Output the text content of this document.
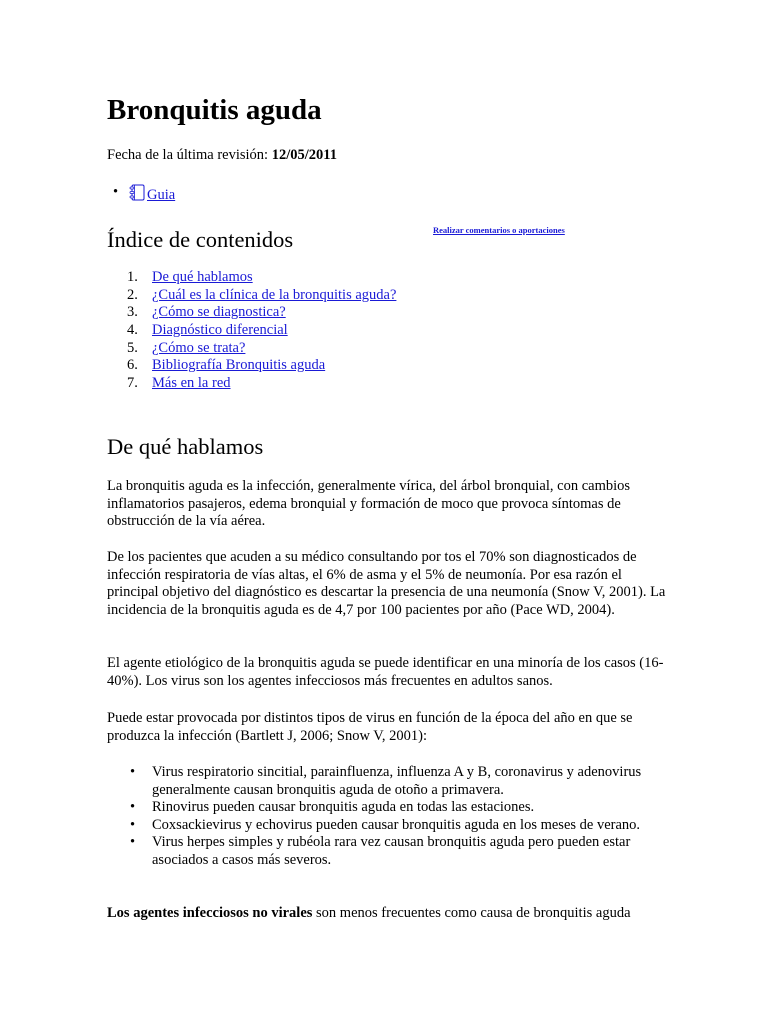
Bronquitis aguda
Fecha de la última revisión: 12/05/2011
• Guia
Índice de contenidos	Realizar comentarios o aportaciones
1. De qué hablamos
2. ¿Cuál es la clínica de la bronquitis aguda?
3. ¿Cómo se diagnostica?
4. Diagnóstico diferencial
5. ¿Cómo se trata?
6. Bibliografía Bronquitis aguda
7. Más en la red
De qué hablamos

La bronquitis aguda es la infección, generalmente vírica, del árbol bronquial, con cambios inflamatorios pasajeros, edema bronquial y formación de moco que provoca síntomas de obstrucción de la vía aérea.

De los pacientes que acuden a su médico consultando por tos el 70% son diagnosticados de infección respiratoria de vías altas, el 6% de asma y el 5% de neumonía. Por esa razón el principal objetivo del diagnóstico es descartar la presencia de una neumonía (Snow V, 2001). La incidencia de la bronquitis aguda es de 4,7 por 100 pacientes por año (Pace WD, 2004).

El agente etiológico de la bronquitis aguda se puede identificar en una minoría de los casos (16-40%). Los virus son los agentes infecciosos más frecuentes en adultos sanos.

Puede estar provocada por distintos tipos de virus en función de la época del año en que se produzca la infección (Bartlett J, 2006; Snow V, 2001):

• Virus respiratorio sincitial, parainfluenza, influenza A y B, coronavirus y adenovirus generalmente causan bronquitis aguda de otoño a primavera.
• Rinovirus pueden causar bronquitis aguda en todas las estaciones.
• Coxsackievirus y echovirus pueden causar bronquitis aguda en los meses de verano.
• Virus herpes simples y rubéola rara vez causan bronquitis aguda pero pueden estar asociados a casos más severos.

Los agentes infecciosos no virales son menos frecuentes como causa de bronquitis aguda
